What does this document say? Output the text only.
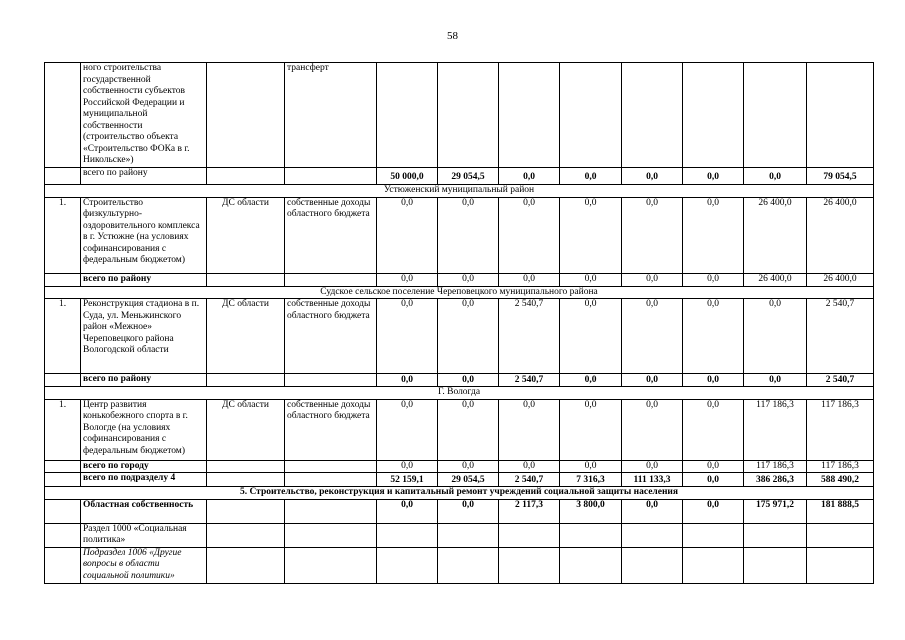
58
	ного строительства государственной собственности субъектов Российской Федерации и муниципальной собственности (строительство объекта «Строительство ФОКа в г. Никольске»)		трансферт								
	всего по району			50 000,0	29 054,5	0,0	0,0	0,0	0,0	0,0	79 054,5
Устюженский муниципальный район											
1.	Строительство физкультурно-оздоровительного комплекса в г. Устюжне (на условиях софинансирования с федеральным бюджетом)	ДС области	собственные доходы областного бюджета	0,0	0,0	0,0	0,0	0,0	0,0	26 400,0	26 400,0
	всего по району			0,0	0,0	0,0	0,0	0,0	0,0	26 400,0	26 400,0
Судское сельское поселение Череповецкого муниципального района											
1.	Реконструкция стадиона в п. Суда, ул. Меньжинского район «Межное» Череповецкого района Вологодской области	ДС области	собственные доходы областного бюджета	0,0	0,0	2 540,7	0,0	0,0	0,0	0,0	2 540,7
	всего по району			0,0	0,0	2 540,7	0,0	0,0	0,0	0,0	2 540,7
Г. Вологда											
1.	Центр развития конькобежного спорта в г. Вологде (на условиях софинансирования с федеральным бюджетом)	ДС области	собственные доходы областного бюджета	0,0	0,0	0,0	0,0	0,0	0,0	117 186,3	117 186,3
	всего по городу			0,0	0,0	0,0	0,0	0,0	0,0	117 186,3	117 186,3
	всего по подразделу 4			52 159,1	29 054,5	2 540,7	7 316,3	111 133,3	0,0	386 286,3	588 490,2
5. Строительство, реконструкция и капитальный ремонт учреждений социальной защиты населения											
	Областная собственность			0,0	0,0	2 117,3	3 800,0	0,0	0,0	175 971,2	181 888,5
	Раздел 1000 «Социальная политика»										
	Подраздел 1006 «Другие вопросы в области социальной политики»										
